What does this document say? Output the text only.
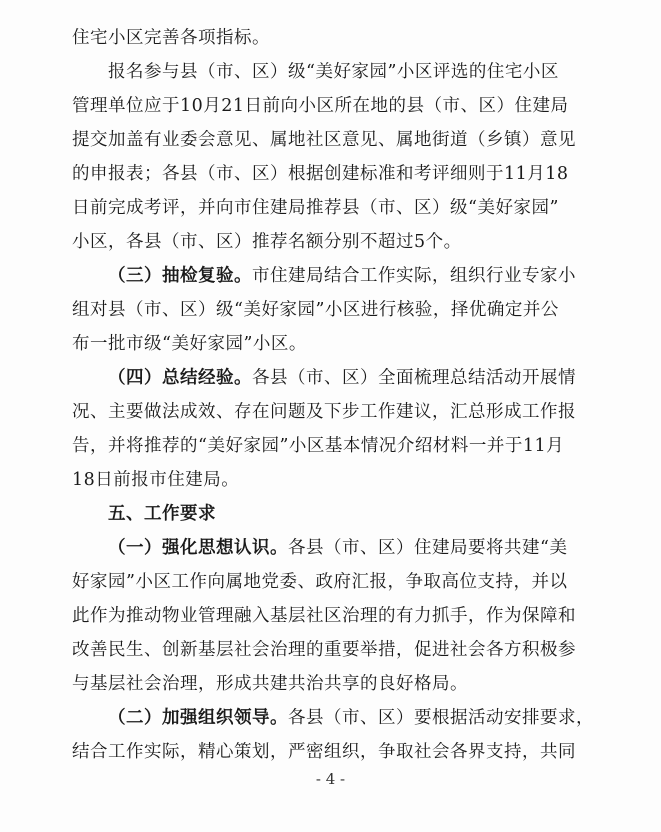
住宅小区完善各项指标。
报名参与县（市、区）级“美好家园”小区评选的住宅小区
管理单位应于10月21日前向小区所在地的县（市、区）住建局
提交加盖有业委会意见、属地社区意见、属地街道（乡镇）意见
的申报表；各县（市、区）根据创建标准和考评细则于11月18
日前完成考评，并向市住建局推荐县（市、区）级“美好家园”
小区，各县（市、区）推荐名额分别不超过5个。
（三）抽检复验。市住建局结合工作实际，组织行业专家小
组对县（市、区）级“美好家园”小区进行核验，择优确定并公
布一批市级“美好家园”小区。
（四）总结经验。各县（市、区）全面梳理总结活动开展情
况、主要做法成效、存在问题及下步工作建议，汇总形成工作报
告，并将推荐的“美好家园”小区基本情况介绍材料一并于11月
18日前报市住建局。
五、工作要求
（一）强化思想认识。各县（市、区）住建局要将共建“美
好家园”小区工作向属地党委、政府汇报，争取高位支持，并以
此作为推动物业管理融入基层社区治理的有力抓手，作为保障和
改善民生、创新基层社会治理的重要举措，促进社会各方积极参
与基层社会治理，形成共建共治共享的良好格局。
（二）加强组织领导。各县（市、区）要根据活动安排要求，
结合工作实际，精心策划，严密组织，争取社会各界支持，共同
- 4 -
